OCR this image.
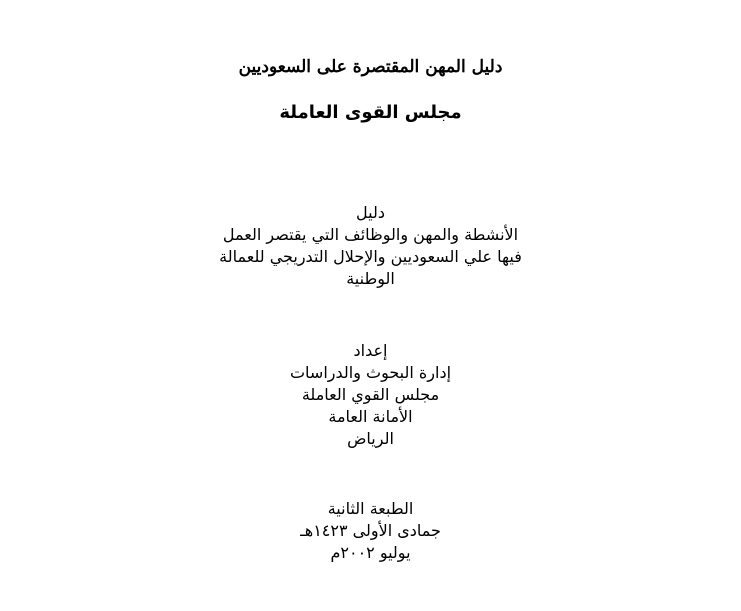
دليل المهن المقتصرة على السعوديين
مجلس القوى العاملة
دليل
الأنشطة والمهن والوظائف التي يقتصر العمل
فيها علي السعوديين والإحلال التدريجي للعمالة
الوطنية
إعداد
إدارة البحوث والدراسات
مجلس القوي العاملة
الأمانة العامة
الرياض
الطبعة الثانية
جمادى الأولى ١٤٢٣هـ
يوليو ٢٠٠٢م
